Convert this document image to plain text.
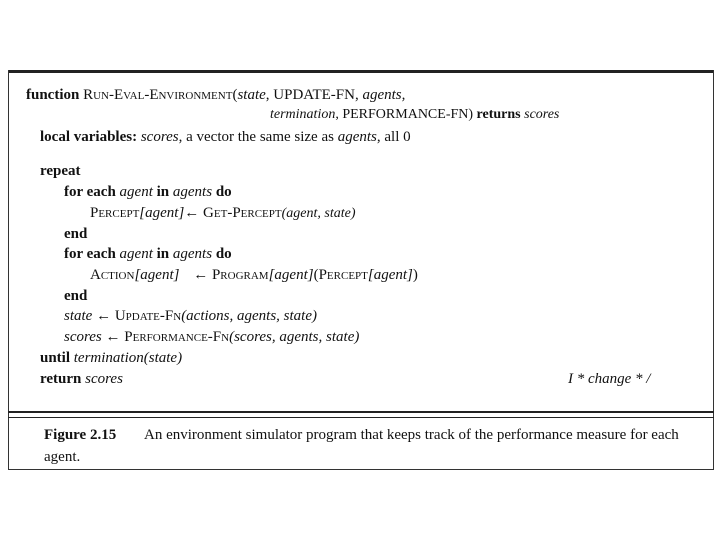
function Run-Eval-Environment(state, UPDATE-FN, agents,
termination, PERFORMANCE-FN) returns scores
local variables: scores, a vector the same size as agents, all 0
repeat
for each agent in agents do
Percept[agent]← Get-Percept(agent, state)
end
for each agent in agents do
Action[agent] ← Program[agent](Percept[agent])
end
state ← Update-Fn(actions, agents, state)
scores ← Performance-Fn(scores, agents, state)
until termination(state)
return scores	I * change * /
Figure 2.15 An environment simulator program that keeps track of the performance measure for each agent.
